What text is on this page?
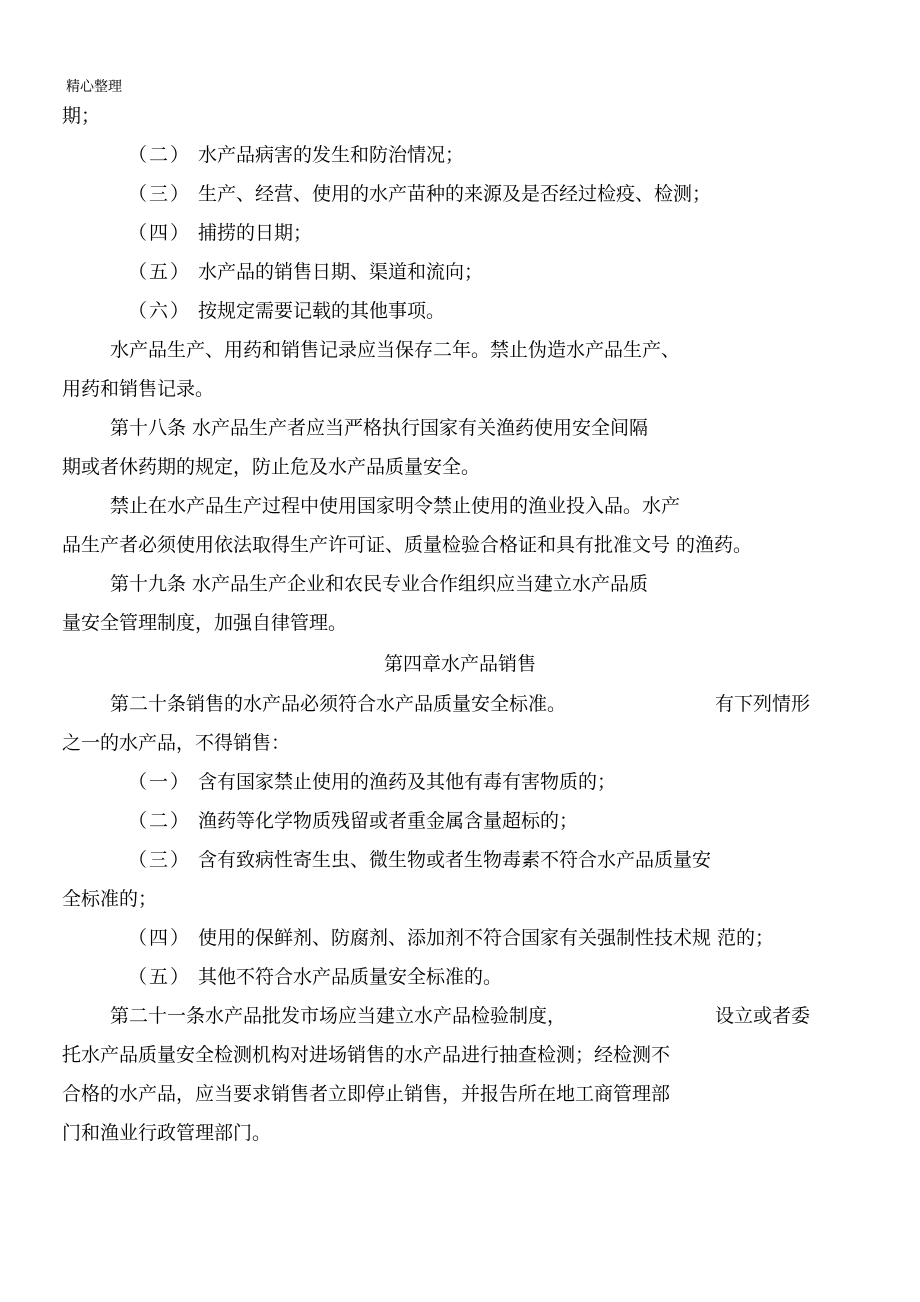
精心整理
期；
（二） 水产品病害的发生和防治情况；
（三） 生产、经营、使用的水产苗种的来源及是否经过检疫、检测；
（四） 捕捞的日期；
（五） 水产品的销售日期、渠道和流向；
（六） 按规定需要记载的其他事项。
水产品生产、用药和销售记录应当保存二年。禁止伪造水产品生产、
用药和销售记录。
第十八条 水产品生产者应当严格执行国家有关渔药使用安全间隔
期或者休药期的规定，防止危及水产品质量安全。
禁止在水产品生产过程中使用国家明令禁止使用的渔业投入品。水产
品生产者必须使用依法取得生产许可证、质量检验合格证和具有批准文号 的渔药。
第十九条 水产品生产企业和农民专业合作组织应当建立水产品质
量安全管理制度，加强自律管理。
第四章水产品销售
第二十条销售的水产品必须符合水产品质量安全标准。	有下列情形
之一的水产品，不得销售：
（一） 含有国家禁止使用的渔药及其他有毒有害物质的；
（二） 渔药等化学物质残留或者重金属含量超标的；
（三） 含有致病性寄生虫、微生物或者生物毒素不符合水产品质量安
全标准的；
（四） 使用的保鲜剂、防腐剂、添加剂不符合国家有关强制性技术规 范的；
（五） 其他不符合水产品质量安全标准的。
第二十一条水产品批发市场应当建立水产品检验制度，	设立或者委
托水产品质量安全检测机构对进场销售的水产品进行抽查检测；经检测不
合格的水产品，应当要求销售者立即停止销售，并报告所在地工商管理部
门和渔业行政管理部门。
